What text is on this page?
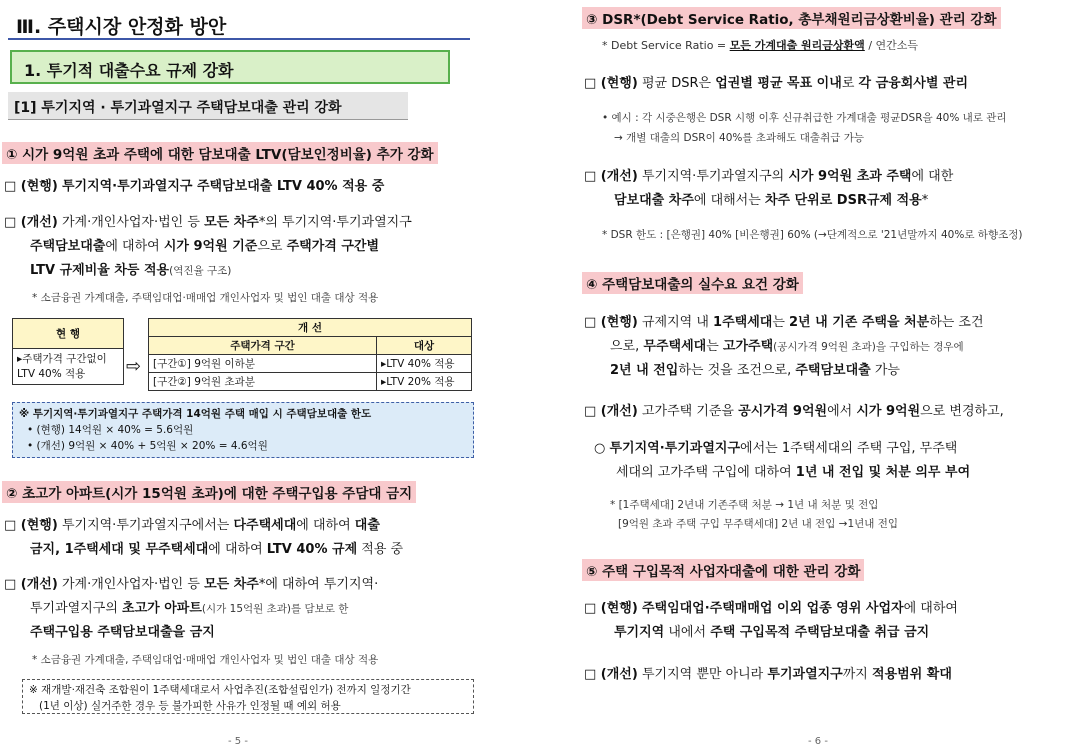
Ⅲ. 주택시장 안정화 방안
1. 투기적 대출수요 규제 강화
[1] 투기지역 · 투기과열지구 주택담보대출 관리 강화
① 시가 9억원 초과 주택에 대한 담보대출 LTV(담보인정비율) 추가 강화
□ (현행) 투기지역·투기과열지구 주택담보대출 LTV 40% 적용 중
□ (개선) 가계·개인사업자·법인 등 모든 차주*의 투기지역·투기과열지구
주택담보대출에 대하여 시가 9억원 기준으로 주택가격 구간별
LTV 규제비율 차등 적용(역진율 구조)
* 소금융권 가계대출, 주택임대업·매매업 개인사업자 및 법인 대출 대상 적용
현 행
▸주택가격 구간없이
LTV 40% 적용 ⇨
개 선	
주택가격 구간	대상
[구간①] 9억원 이하분	▸LTV 40% 적용
[구간②] 9억원 초과분	▸LTV 20% 적용
※ 투기지역·투기과열지구 주택가격 14억원 주택 매입 시 주택담보대출 한도
• (현행) 14억원 × 40% = 5.6억원
• (개선) 9억원 × 40% + 5억원 × 20% = 4.6억원
② 초고가 아파트(시가 15억원 초과)에 대한 주택구입용 주담대 금지
□ (현행) 투기지역·투기과열지구에서는 다주택세대에 대하여 대출
금지, 1주택세대 및 무주택세대에 대하여 LTV 40% 규제 적용 중
□ (개선) 가계·개인사업자·법인 등 모든 차주*에 대하여 투기지역·
투기과열지구의 초고가 아파트(시가 15억원 초과)를 담보로 한
주택구입용 주택담보대출을 금지
* 소금융권 가계대출, 주택임대업·매매업 개인사업자 및 법인 대출 대상 적용
※ 재개발·재건축 조합원이 1주택세대로서 사업추진(조합설립인가) 전까지 일정기간
(1년 이상) 실거주한 경우 등 불가피한 사유가 인정될 때 예외 허용
- 5 -
③ DSR*(Debt Service Ratio, 총부채원리금상환비율) 관리 강화
* Debt Service Ratio = 모든 가계대출 원리금상환액 / 연간소득
□ (현행) 평균 DSR은 업권별 평균 목표 이내로 각 금융회사별 관리
• 예시 : 각 시중은행은 DSR 시행 이후 신규취급한 가계대출 평균DSR을 40% 내로 관리
→ 개별 대출의 DSR이 40%를 초과해도 대출취급 가능
□ (개선) 투기지역·투기과열지구의 시가 9억원 초과 주택에 대한
담보대출 차주에 대해서는 차주 단위로 DSR규제 적용*
* DSR 한도 : [은행권] 40% [비은행권] 60% (→단계적으로 '21년말까지 40%로 하향조정)
④ 주택담보대출의 실수요 요건 강화
□ (현행) 규제지역 내 1주택세대는 2년 내 기존 주택을 처분하는 조건
으로, 무주택세대는 고가주택(공시가격 9억원 초과)을 구입하는 경우에
2년 내 전입하는 것을 조건으로, 주택담보대출 가능
□ (개선) 고가주택 기준을 공시가격 9억원에서 시가 9억원으로 변경하고,
○ 투기지역·투기과열지구에서는 1주택세대의 주택 구입, 무주택
세대의 고가주택 구입에 대하여 1년 내 전입 및 처분 의무 부여
* [1주택세대] 2년내 기존주택 처분 → 1년 내 처분 및 전입
[9억원 초과 주택 구입 무주택세대] 2년 내 전입 →1년내 전입
⑤ 주택 구입목적 사업자대출에 대한 관리 강화
□ (현행) 주택임대업·주택매매업 이외 업종 영위 사업자에 대하여
투기지역 내에서 주택 구입목적 주택담보대출 취급 금지
□ (개선) 투기지역 뿐만 아니라 투기과열지구까지 적용범위 확대
- 6 -
